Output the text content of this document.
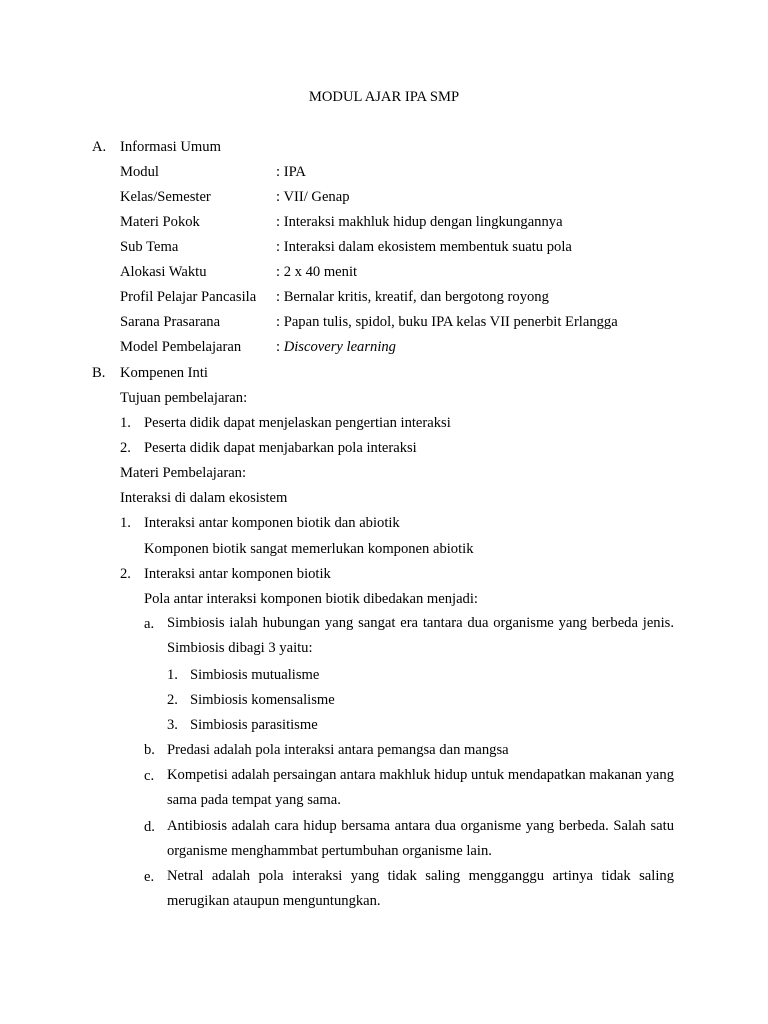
MODUL AJAR IPA SMP
A. Informasi Umum
Modul	: IPA
Kelas/Semester	: VII/ Genap
Materi Pokok	: Interaksi makhluk hidup dengan lingkungannya
Sub Tema	: Interaksi dalam ekosistem membentuk suatu pola
Alokasi Waktu	: 2 x 40 menit
Profil Pelajar Pancasila : Bernalar kritis, kreatif, dan bergotong royong
Sarana Prasarana	: Papan tulis, spidol, buku IPA kelas VII penerbit Erlangga
Model Pembelajaran : Discovery learning
B. Kompenen Inti
Tujuan pembelajaran:
1. Peserta didik dapat menjelaskan pengertian interaksi
2. Peserta didik dapat menjabarkan pola interaksi
Materi Pembelajaran:
Interaksi di dalam ekosistem
1. Interaksi antar komponen biotik dan abiotik
Komponen biotik sangat memerlukan komponen abiotik
2. Interaksi antar komponen biotik
Pola antar interaksi komponen biotik dibedakan menjadi:
a. Simbiosis ialah hubungan yang sangat era tantara dua organisme yang berbeda jenis. Simbiosis dibagi 3 yaitu:
1. Simbiosis mutualisme
2. Simbiosis komensalisme
3. Simbiosis parasitisme
b. Predasi adalah pola interaksi antara pemangsa dan mangsa
c. Kompetisi adalah persaingan antara makhluk hidup untuk mendapatkan makanan yang sama pada tempat yang sama.
d. Antibiosis adalah cara hidup bersama antara dua organisme yang berbeda. Salah satu organisme menghammbat pertumbuhan organisme lain.
e. Netral adalah pola interaksi yang tidak saling mengganggu artinya tidak saling merugikan ataupun menguntungkan.
